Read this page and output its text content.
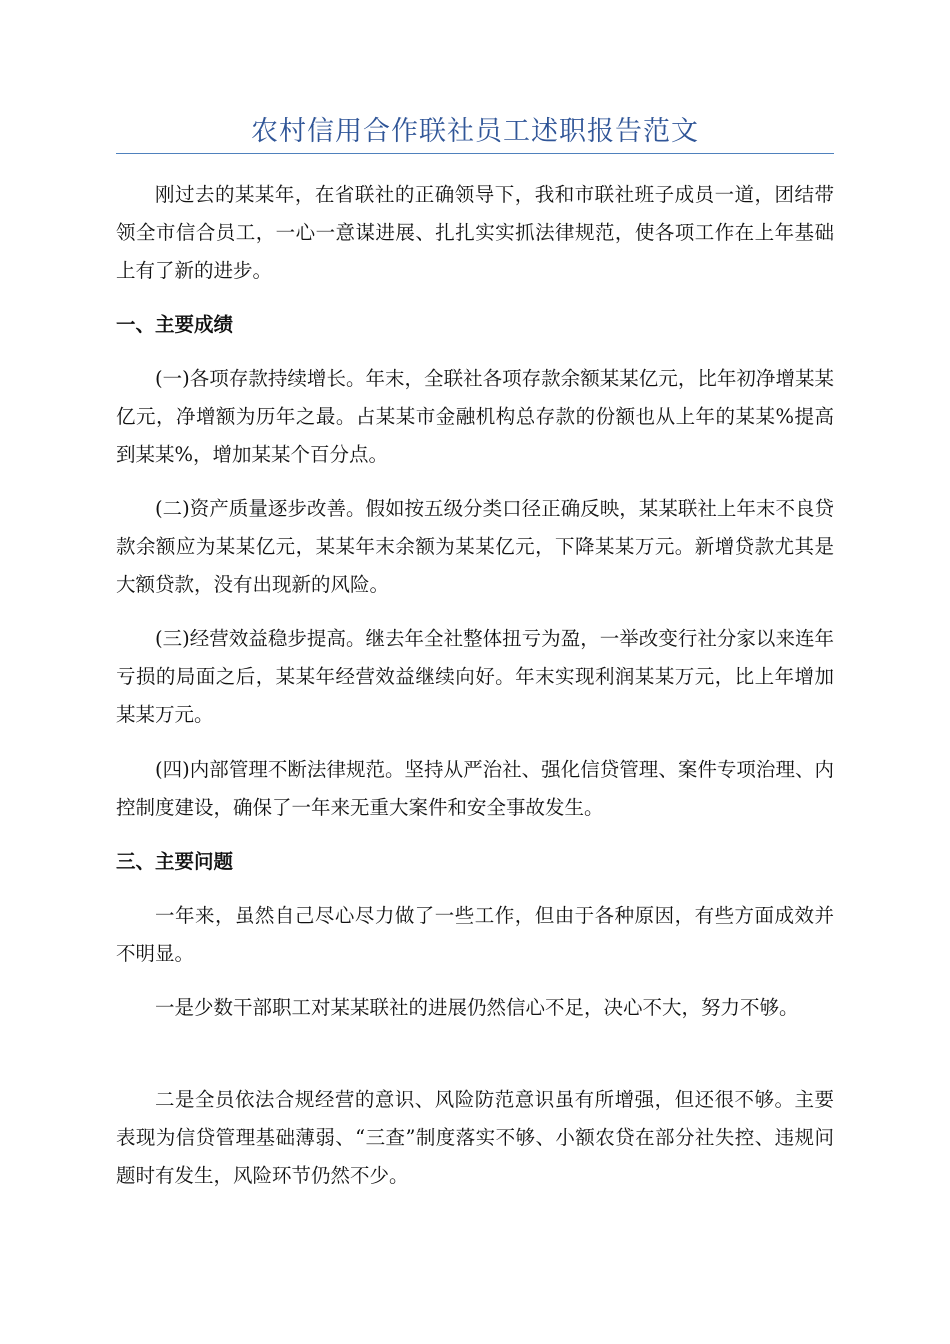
农村信用合作联社员工述职报告范文

刚过去的某某年，在省联社的正确领导下，我和市联社班子成员一道，团结带领全市信合员工，一心一意谋进展、扎扎实实抓法律规范，使各项工作在上年基础上有了新的进步。

一、主要成绩

(一)各项存款持续增长。年末，全联社各项存款余额某某亿元，比年初净增某某亿元，净增额为历年之最。占某某市金融机构总存款的份额也从上年的某某%提高到某某%，增加某某个百分点。

(二)资产质量逐步改善。假如按五级分类口径正确反映，某某联社上年末不良贷款余额应为某某亿元，某某年末余额为某某亿元，下降某某万元。新增贷款尤其是大额贷款，没有出现新的风险。

(三)经营效益稳步提高。继去年全社整体扭亏为盈，一举改变行社分家以来连年亏损的局面之后，某某年经营效益继续向好。年末实现利润某某万元，比上年增加某某万元。

(四)内部管理不断法律规范。坚持从严治社、强化信贷管理、案件专项治理、内控制度建设，确保了一年来无重大案件和安全事故发生。

三、主要问题

一年来，虽然自己尽心尽力做了一些工作，但由于各种原因，有些方面成效并不明显。

一是少数干部职工对某某联社的进展仍然信心不足，决心不大，努力不够。

二是全员依法合规经营的意识、风险防范意识虽有所增强，但还很不够。主要表现为信贷管理基础薄弱、“三查”制度落实不够、小额农贷在部分社失控、违规问题时有发生，风险环节仍然不少。
